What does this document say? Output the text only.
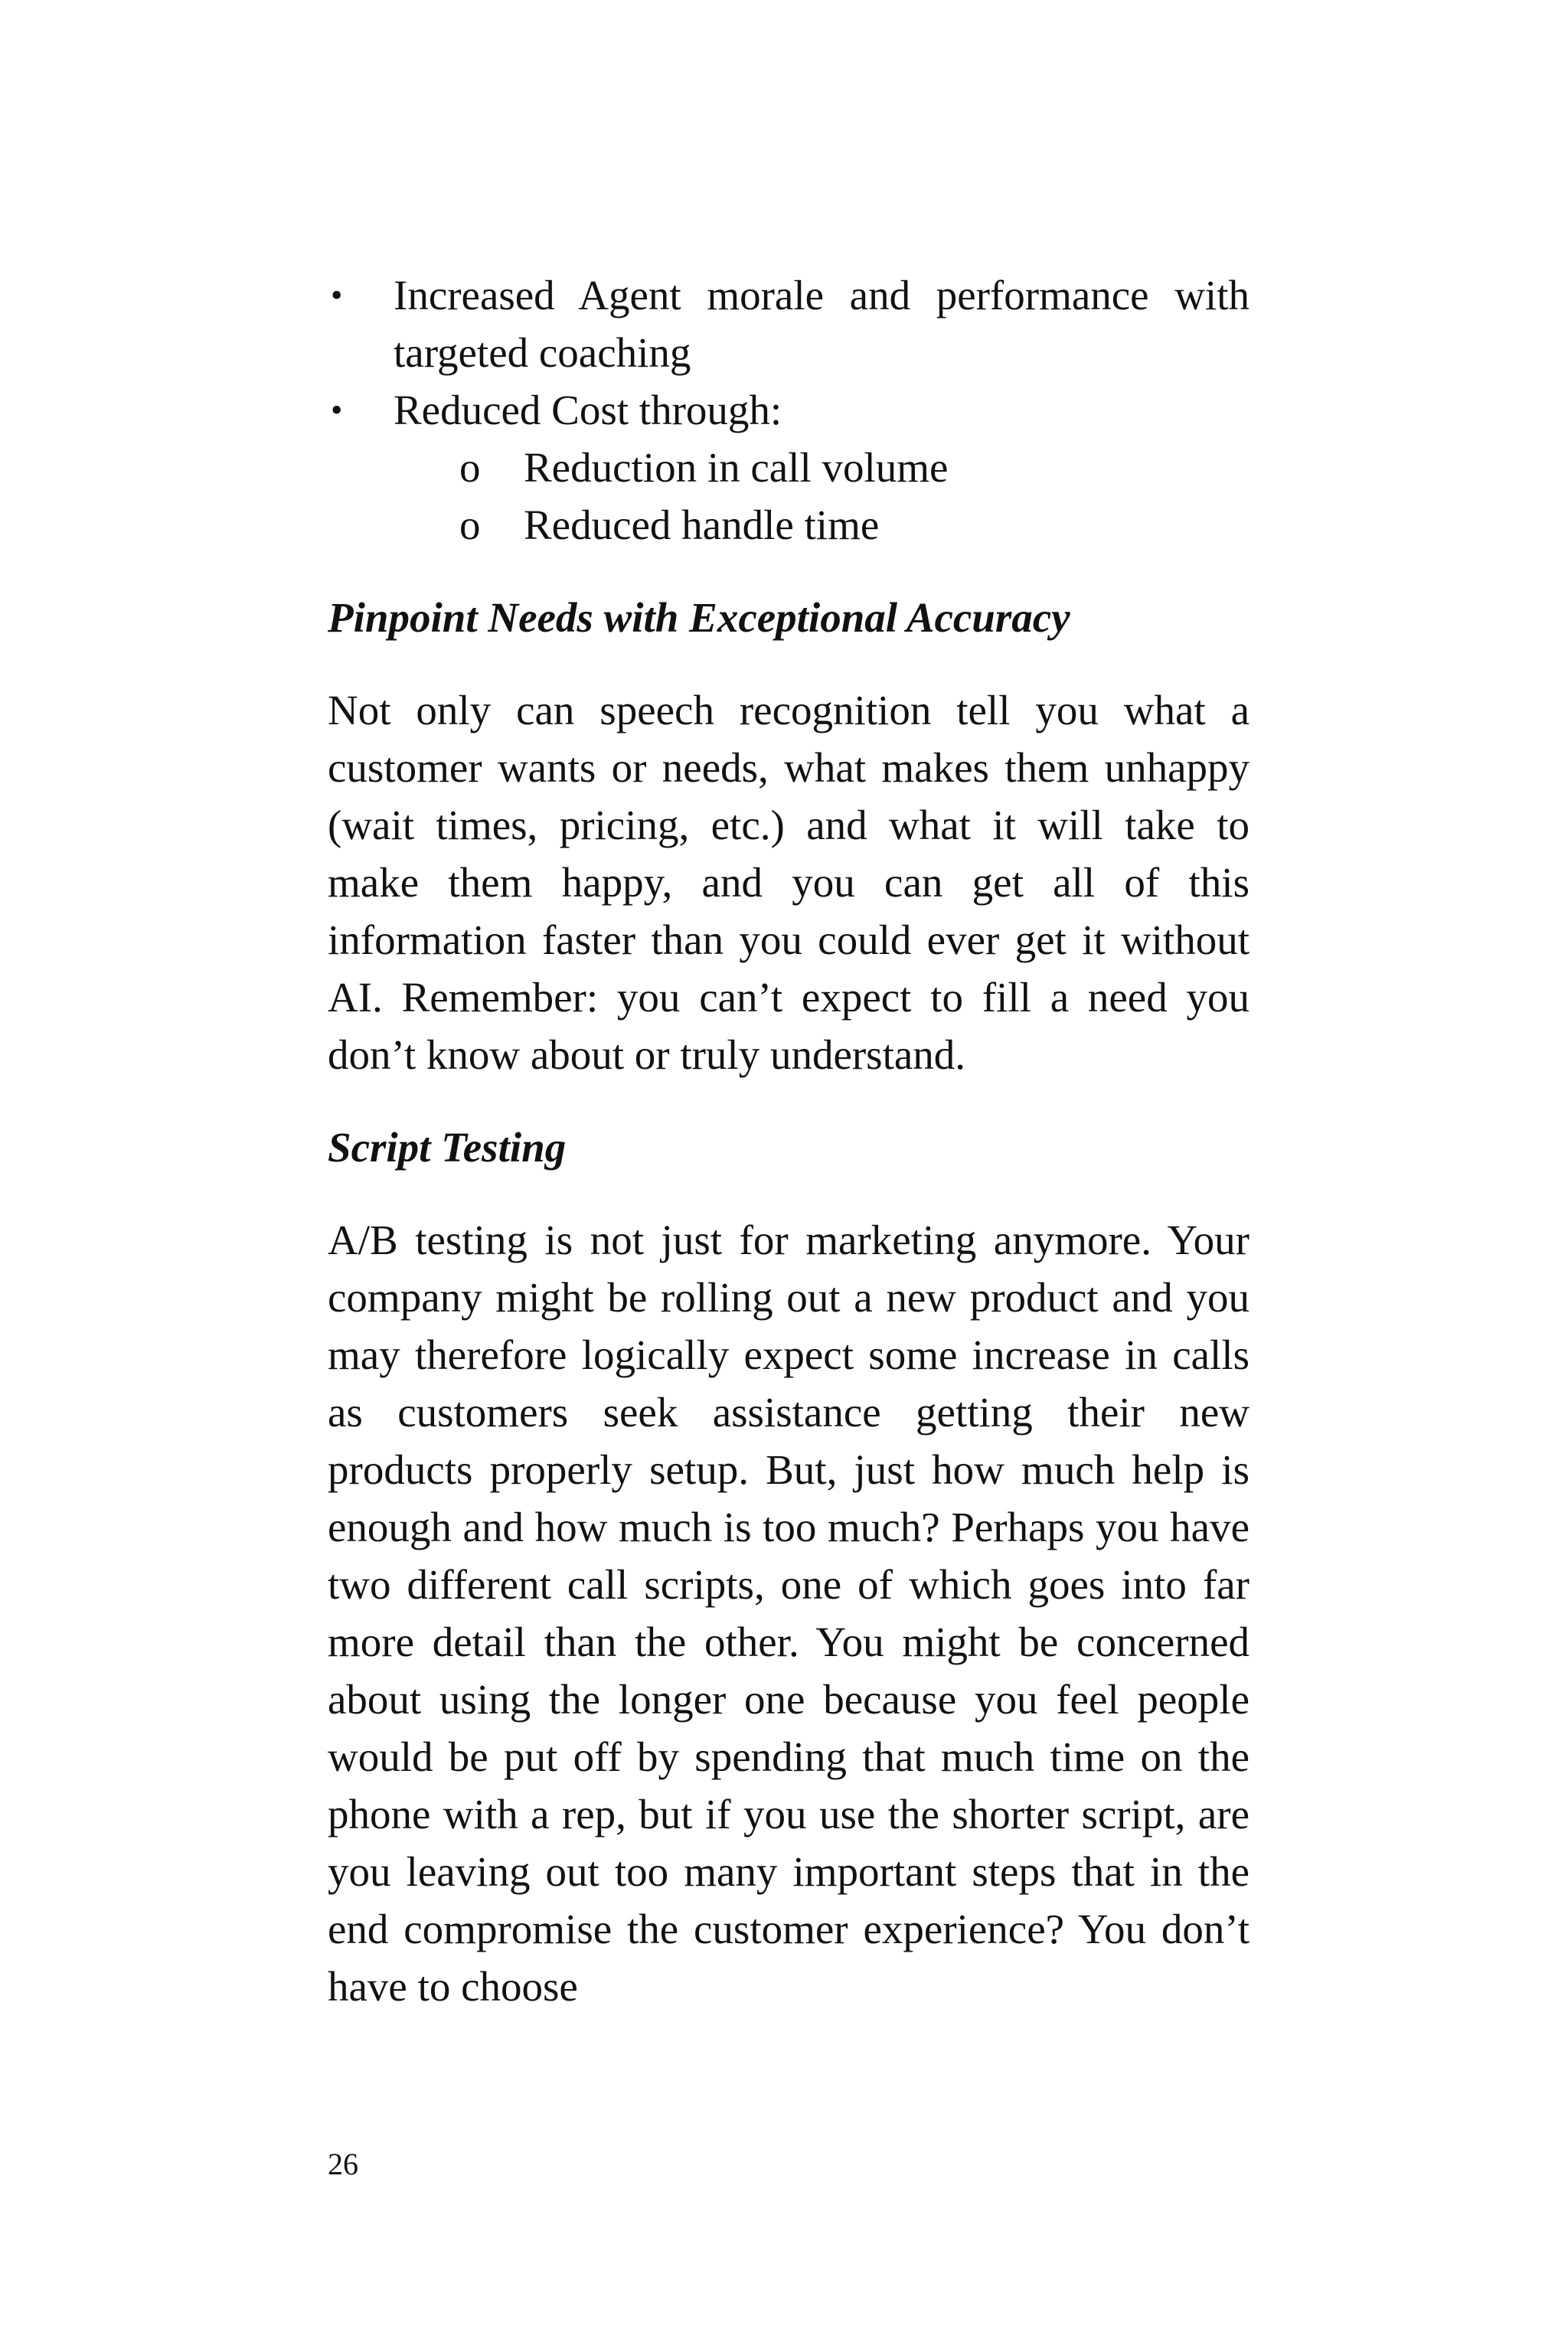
• Increased Agent morale and performance with targeted coaching
• Reduced Cost through:
o Reduction in call volume
o Reduced handle time
Pinpoint Needs with Exceptional Accuracy

Not only can speech recognition tell you what a customer wants or needs, what makes them unhappy (wait times, pricing, etc.) and what it will take to make them happy, and you can get all of this information faster than you could ever get it without AI. Remember: you can’t expect to fill a need you don’t know about or truly understand.

Script Testing

A/B testing is not just for marketing anymore. Your company might be rolling out a new product and you may therefore logically expect some increase in calls as customers seek assistance getting their new products properly setup. But, just how much help is enough and how much is too much? Perhaps you have two different call scripts, one of which goes into far more detail than the other. You might be concerned about using the longer one because you feel people would be put off by spending that much time on the phone with a rep, but if you use the shorter script, are you leaving out too many important steps that in the end compromise the customer experience? You don’t have to choose

26
